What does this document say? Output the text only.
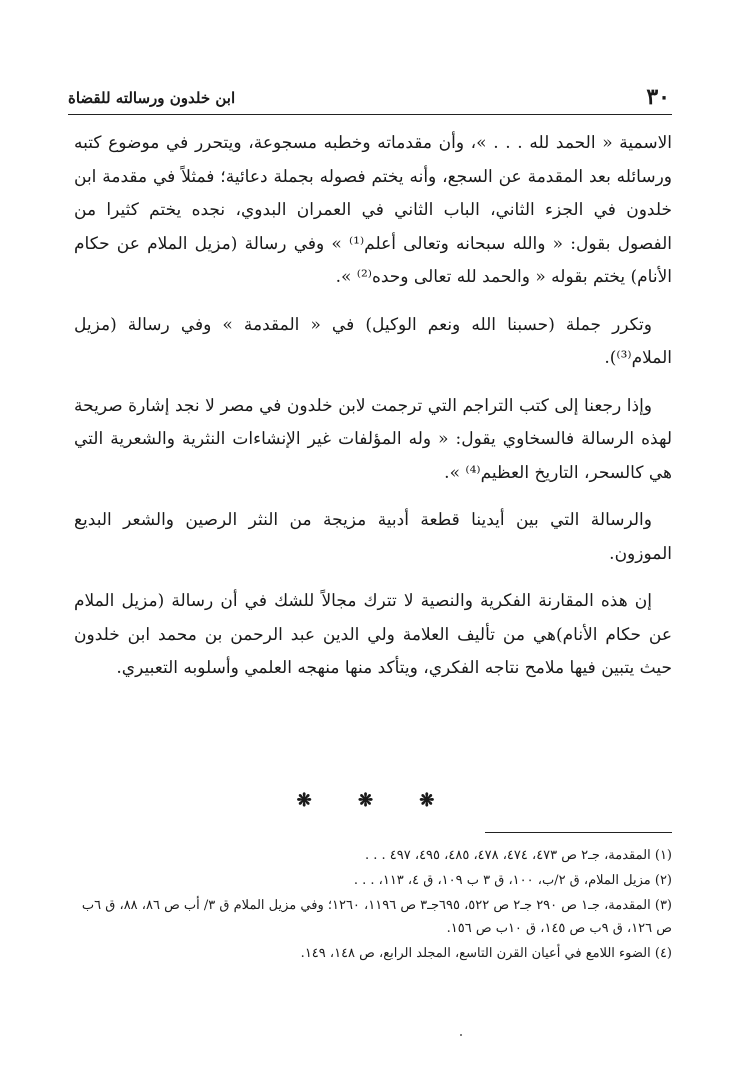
٣٠
ابن خلدون ورسالته للقضاة

الاسمية « الحمد لله . . . »، وأن مقدماته وخطبه مسجوعة، ويتحرر في موضوع كتبه ورسائله بعد المقدمة عن السجع، وأنه يختم فصوله بجملة دعائية؛ فمثلاً في مقدمة ابن خلدون في الجزء الثاني، الباب الثاني في العمران البدوي، نجده يختم كثيرا من الفصول بقول: « والله سبحانه وتعالى أعلم⁽¹⁾ » وفي رسالة (مزيل الملام عن حكام الأنام) يختم بقوله « والحمد لله تعالى وحده⁽²⁾ ».

وتكرر جملة (حسبنا الله ونعم الوكيل) في « المقدمة » وفي رسالة (مزيل الملام⁽³⁾).

وإذا رجعنا إلى كتب التراجم التي ترجمت لابن خلدون في مصر لا نجد إشارة صريحة لهذه الرسالة فالسخاوي يقول: « وله المؤلفات غير الإنشاءات النثرية والشعرية التي هي كالسحر، التاريخ العظيم⁽⁴⁾ ».

والرسالة التي بين أيدينا قطعة أدبية مزيجة من النثر الرصين والشعر البديع الموزون.

إن هذه المقارنة الفكرية والنصية لا تترك مجالاً للشك في أن رسالة (مزيل الملام عن حكام الأنام)هي من تأليف العلامة ولي الدين عبد الرحمن بن محمد ابن خلدون حيث يتبين فيها ملامح نتاجه الفكري، ويتأكد منها منهجه العلمي وأسلوبه التعبيري.

❋ ❋ ❋

(١) المقدمة، جـ٢ ص ٤٧٣، ٤٧٤، ٤٧٨، ٤٨٥، ٤٩٥، ٤٩٧ . . .

(٢) مزيل الملام، ق ٢/ب، ١٠٠، ق ٣ ب ١٠٩، ق ٤، ١١٣، . . .

(٣) المقدمة، جـ١ ص ٢٩٠ جـ٢ ص ٥٢٢، ٦٩٥جـ٣ ص ١١٩٦، ١٢٦٠؛ وفي مزيل الملام ق ٣/ أب ص ٨٦، ٨٨، ق ٦ب ص ١٢٦، ق ٩ب ص ١٤٥، ق ١٠ب ص ١٥٦.

(٤) الضوء اللامع في أعيان القرن التاسع، المجلد الرابع، ص ١٤٨، ١٤٩.
